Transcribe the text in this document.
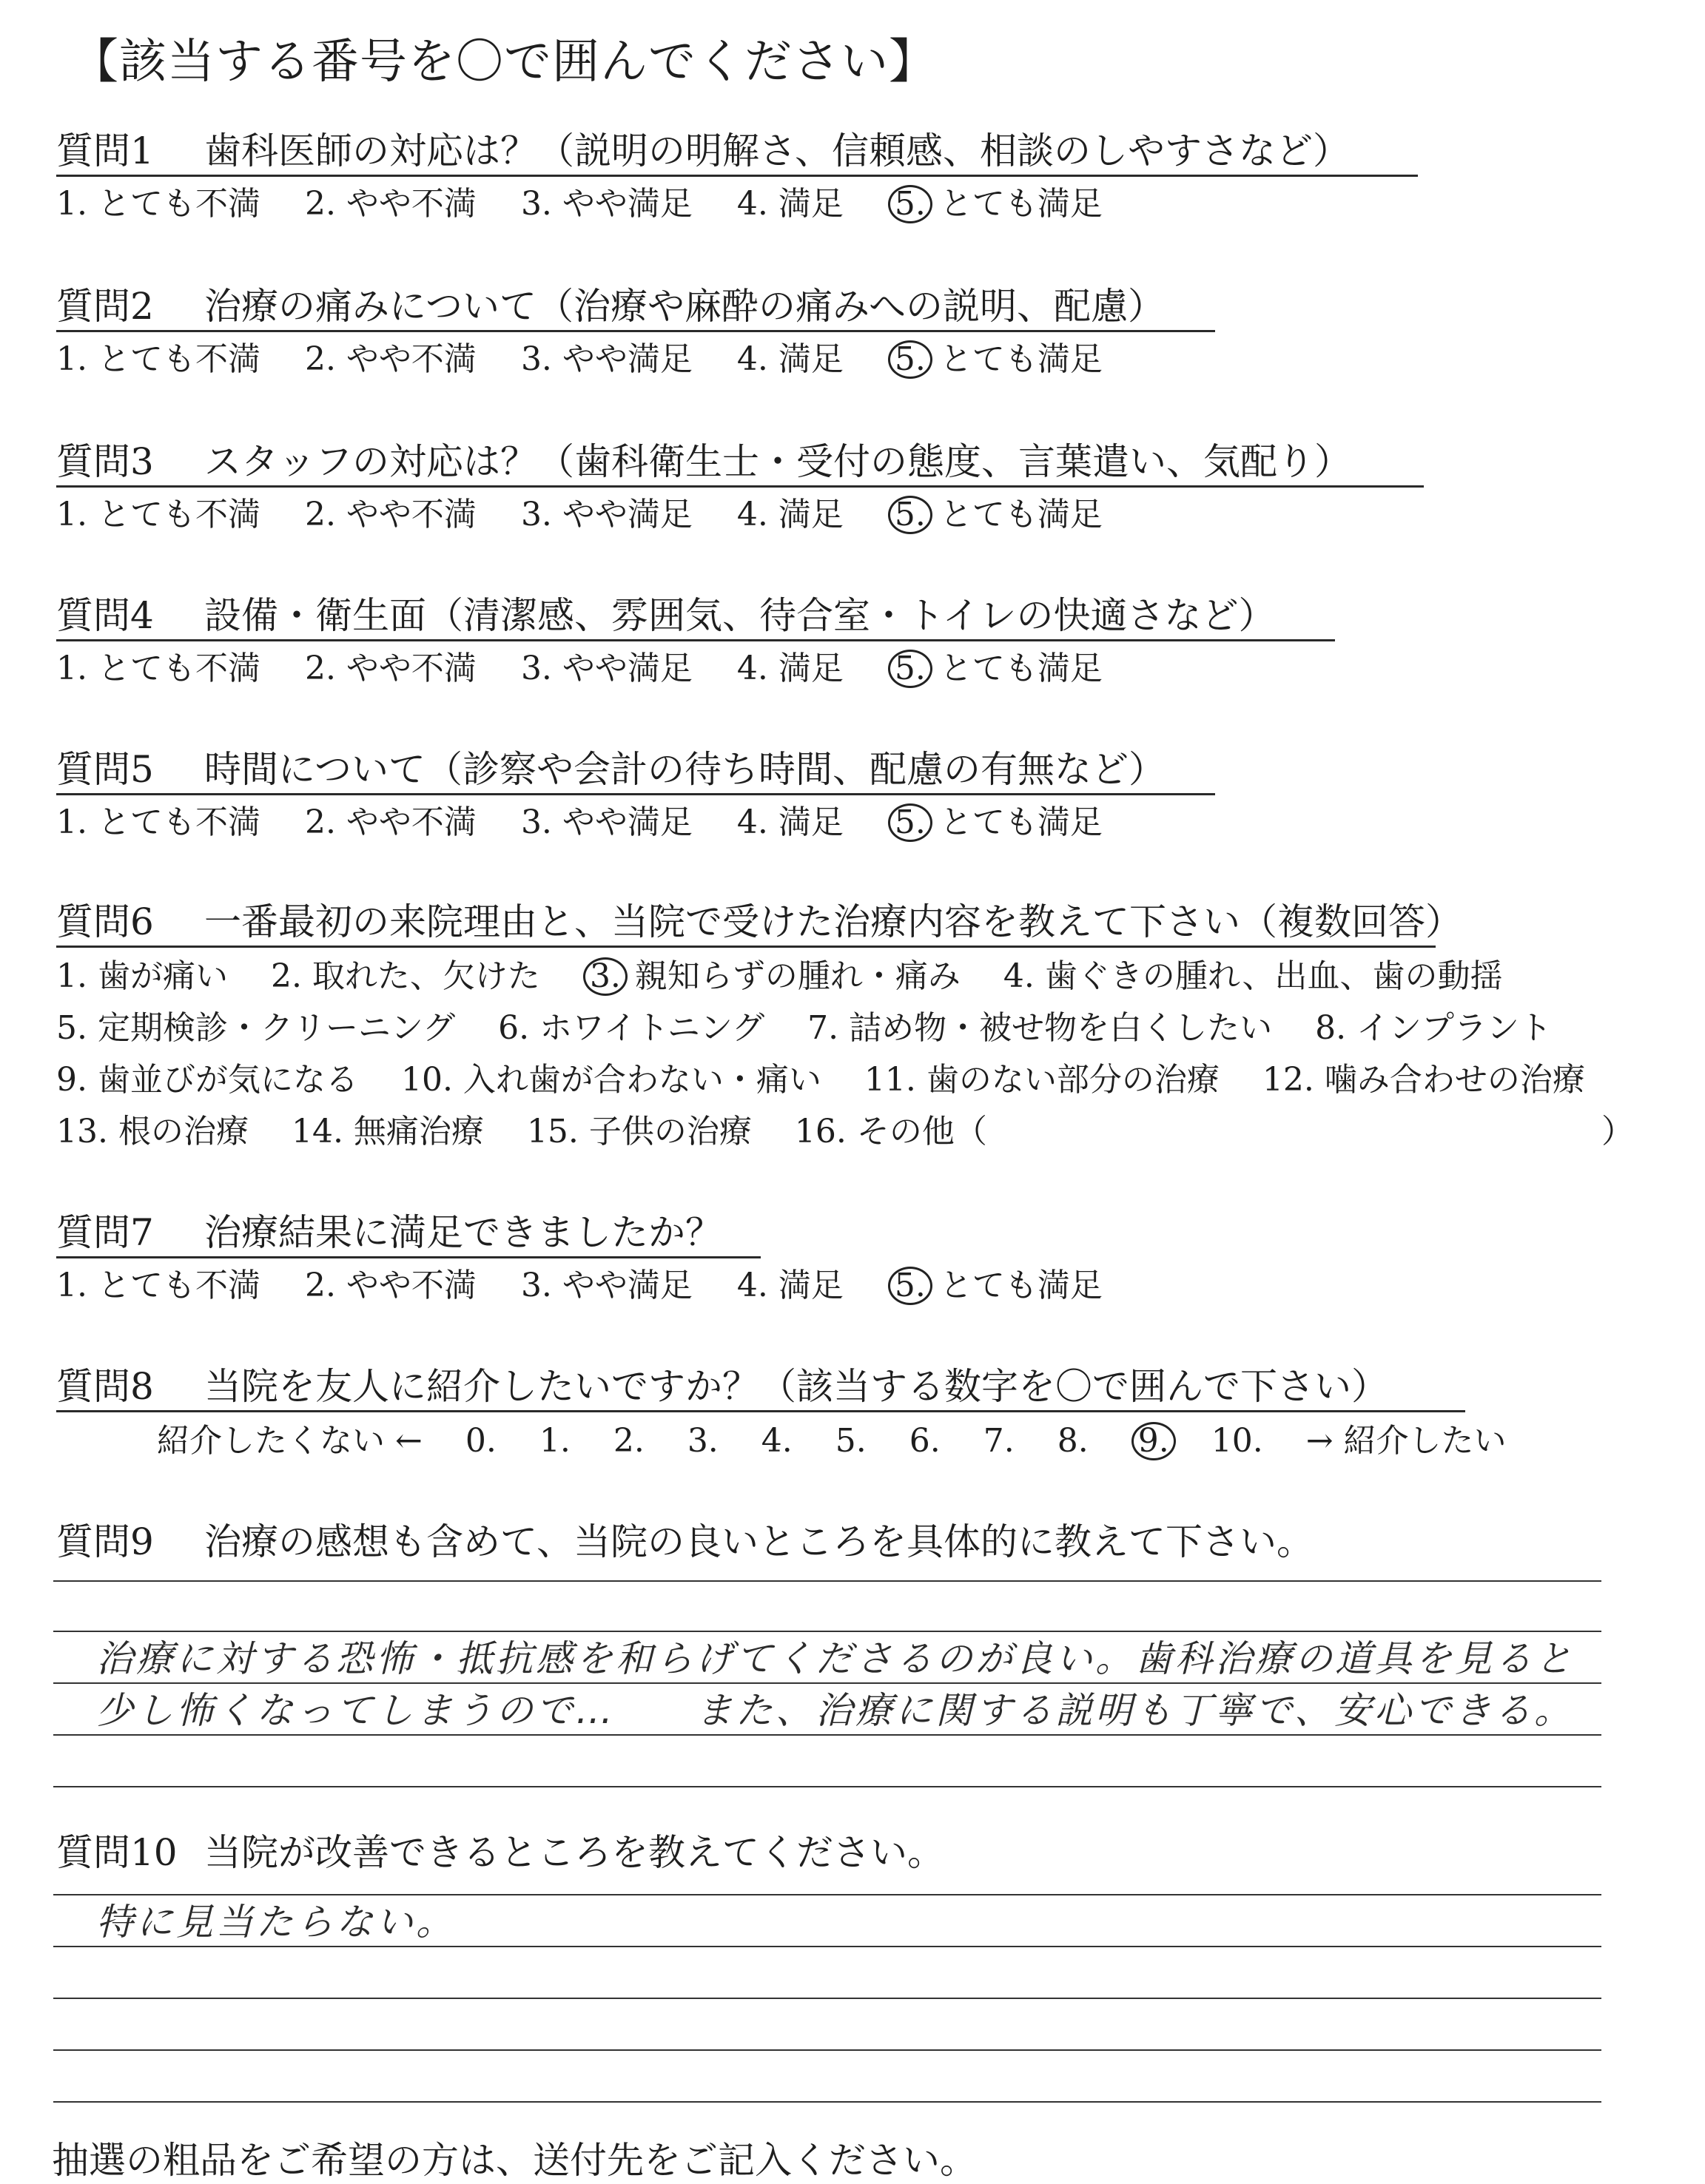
【該当する番号を〇で囲んでください】
質問1 歯科医師の対応は？（説明の明解さ、信頼感、相談のしやすさなど）
1. とても不満 2. やや不満 3. やや満足 4. 満足 5. とても満足
質問2 治療の痛みについて（治療や麻酔の痛みへの説明、配慮）
1. とても不満 2. やや不満 3. やや満足 4. 満足 5. とても満足
質問3 スタッフの対応は？（歯科衛生士・受付の態度、言葉遣い、気配り）
1. とても不満 2. やや不満 3. やや満足 4. 満足 5. とても満足
質問4 設備・衛生面（清潔感、雰囲気、待合室・トイレの快適さなど）
1. とても不満 2. やや不満 3. やや満足 4. 満足 5. とても満足
質問5 時間について（診察や会計の待ち時間、配慮の有無など）
1. とても不満 2. やや不満 3. やや満足 4. 満足 5. とても満足
質問6 一番最初の来院理由と、当院で受けた治療内容を教えて下さい（複数回答）
1. 歯が痛い 2. 取れた、欠けた 3. 親知らずの腫れ・痛み 4. 歯ぐきの腫れ、出血、歯の動揺
5. 定期検診・クリーニング 6. ホワイトニング 7. 詰め物・被せ物を白くしたい 8. インプラント
9. 歯並びが気になる 10. 入れ歯が合わない・痛い 11. 歯のない部分の治療 12. 噛み合わせの治療
13. 根の治療 14. 無痛治療 15. 子供の治療 16. その他（	）
質問7 治療結果に満足できましたか？
1. とても不満 2. やや不満 3. やや満足 4. 満足 5. とても満足
質問8 当院を友人に紹介したいですか？（該当する数字を〇で囲んで下さい）
紹介したくない ← 0. 1. 2. 3. 4. 5. 6. 7. 8. 9. 10. → 紹介したい
質問9 治療の感想も含めて、当院の良いところを具体的に教えて下さい。
治療に対する恐怖・抵抗感を和らげてくださるのが良い。歯科治療の道具を見ると
少し怖くなってしまうので…　　また、治療に関する説明も丁寧で、安心できる。
質問10 当院が改善できるところを教えてください。
特に見当たらない。
抽選の粗品をご希望の方は、送付先をご記入ください。
